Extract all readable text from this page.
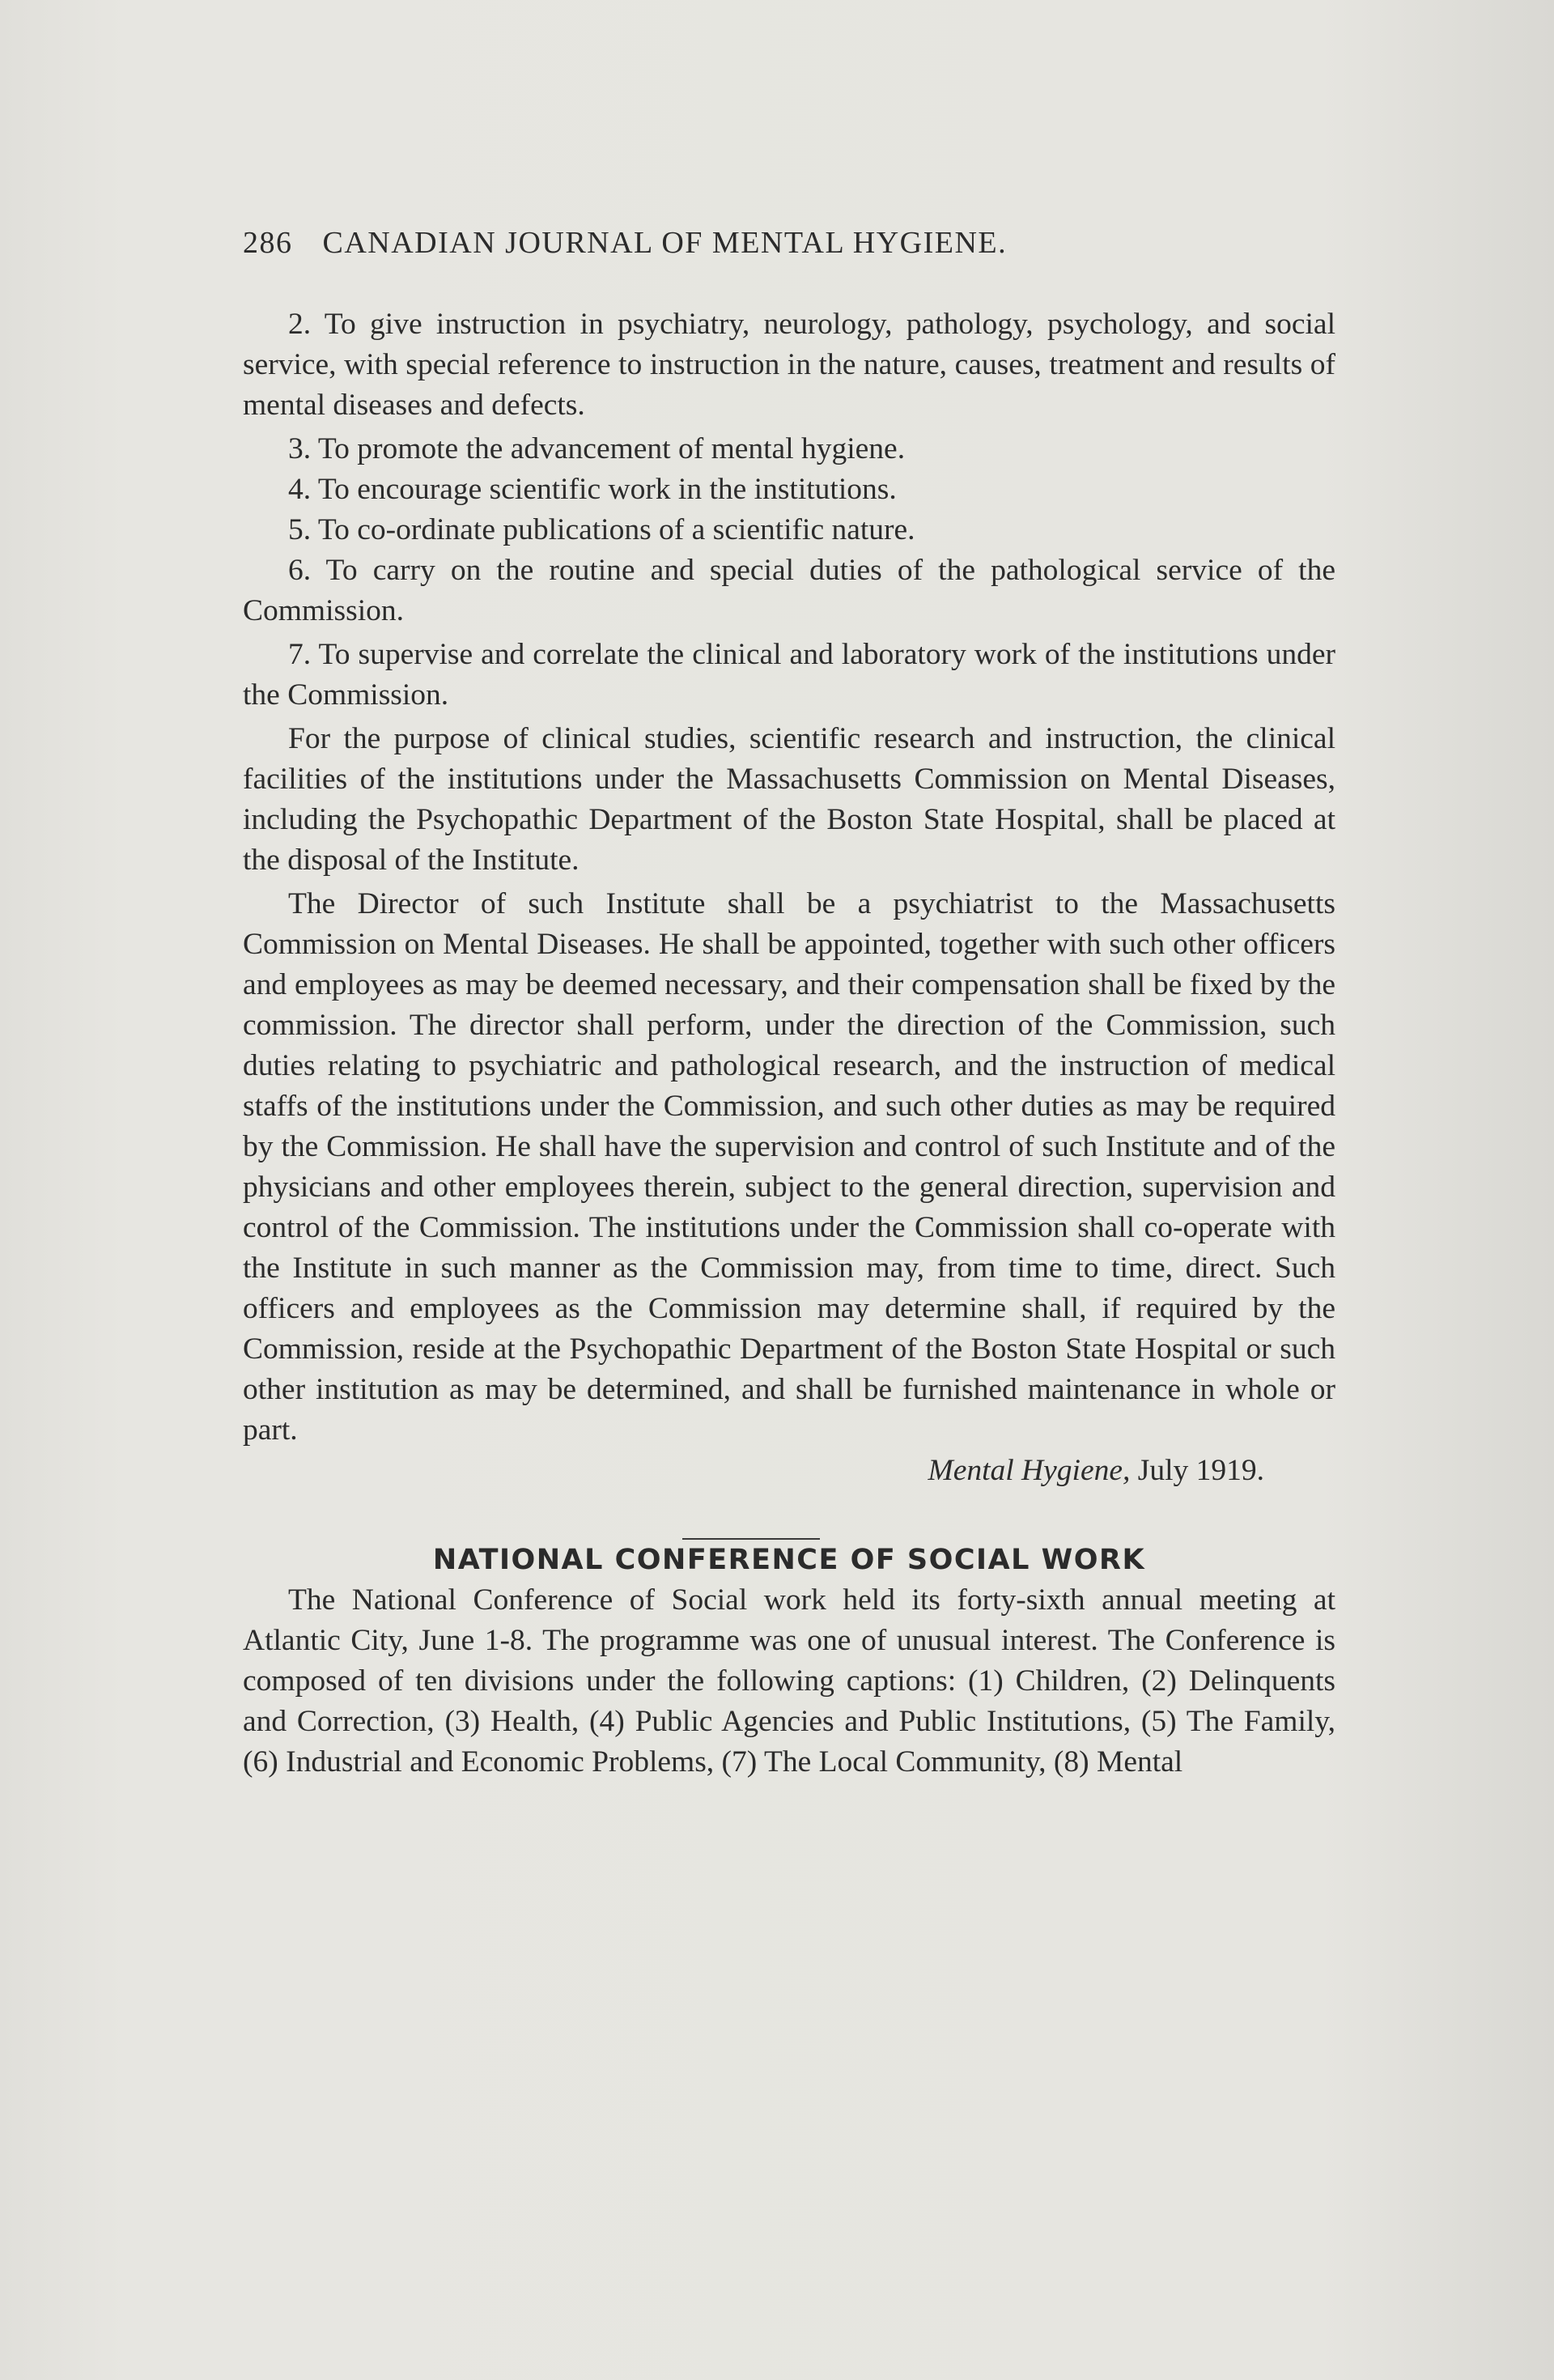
286 CANADIAN JOURNAL OF MENTAL HYGIENE.

2. To give instruction in psychiatry, neurology, pathology, psychology, and social service, with special reference to instruction in the nature, causes, treatment and results of mental diseases and defects.

3. To promote the advancement of mental hygiene.

4. To encourage scientific work in the institutions.

5. To co-ordinate publications of a scientific nature.

6. To carry on the routine and special duties of the pathological service of the Commission.

7. To supervise and correlate the clinical and laboratory work of the institutions under the Commission.

For the purpose of clinical studies, scientific research and instruction, the clinical facilities of the institutions under the Massachusetts Commission on Mental Diseases, including the Psychopathic Department of the Boston State Hospital, shall be placed at the disposal of the Institute.

The Director of such Institute shall be a psychiatrist to the Massachusetts Commission on Mental Diseases. He shall be appointed, together with such other officers and employees as may be deemed necessary, and their compensation shall be fixed by the commission. The director shall perform, under the direction of the Commission, such duties relating to psychiatric and pathological research, and the instruction of medical staffs of the institutions under the Commission, and such other duties as may be required by the Commission. He shall have the supervision and control of such Institute and of the physicians and other employees therein, subject to the general direction, supervision and control of the Commission. The institutions under the Commission shall co-operate with the Institute in such manner as the Commission may, from time to time, direct. Such officers and employees as the Commission may determine shall, if required by the Commission, reside at the Psychopathic Department of the Boston State Hospital or such other institution as may be determined, and shall be furnished maintenance in whole or part.

Mental Hygiene, July 1919.

NATIONAL CONFERENCE OF SOCIAL WORK

The National Conference of Social work held its forty-sixth annual meeting at Atlantic City, June 1-8. The programme was one of unusual interest. The Conference is composed of ten divisions under the following captions: (1) Children, (2) Delinquents and Correction, (3) Health, (4) Public Agencies and Public Institutions, (5) The Family, (6) Industrial and Economic Problems, (7) The Local Community, (8) Mental
